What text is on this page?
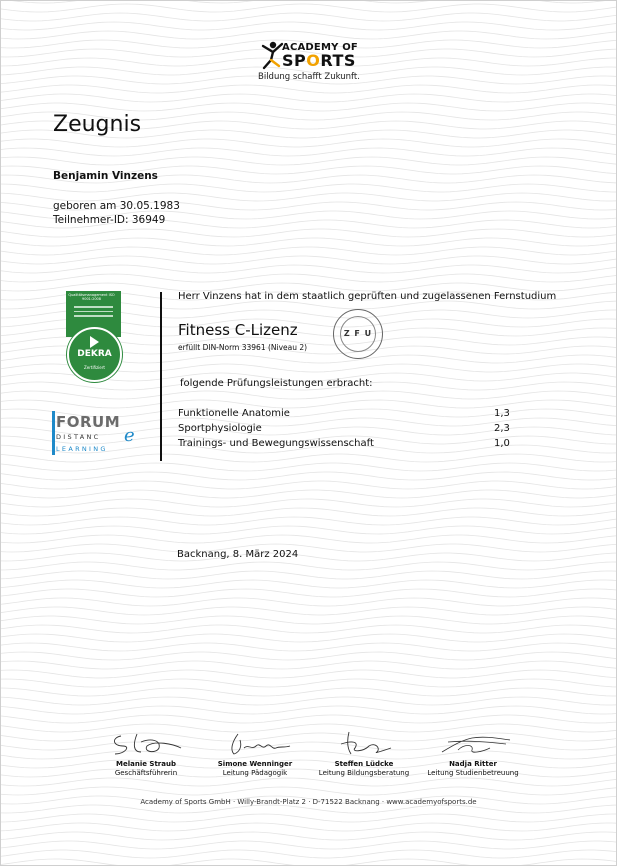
ACADEMY OF
SPORTS
Bildung schafft Zukunft.
Zeugnis
Benjamin Vinzens
geboren am 30.05.1983
Teilnehmer-ID: 36949
Qualitätsmanagement ISO 9001:2008
DEKRA
Zertifiziert
FORUM
DISTANC e
LEARNING
Herr Vinzens hat in dem staatlich geprüften und zugelassenen Fernstudium
Fitness C-Lizenz
erfüllt DIN-Norm 33961 (Niveau 2)
Z F U
folgende Prüfungsleistungen erbracht:
Funktionelle Anatomie	1,3
Sportphysiologie	2,3
Trainings- und Bewegungswissenschaft	1,0
Backnang, 8. März 2024
Melanie Straub
Geschäftsführerin
Simone Wenninger
Leitung Pädagogik
Steffen Lüdcke
Leitung Bildungsberatung
Nadja Ritter
Leitung Studienbetreuung
Academy of Sports GmbH · Willy-Brandt-Platz 2 · D-71522 Backnang · www.academyofsports.de
